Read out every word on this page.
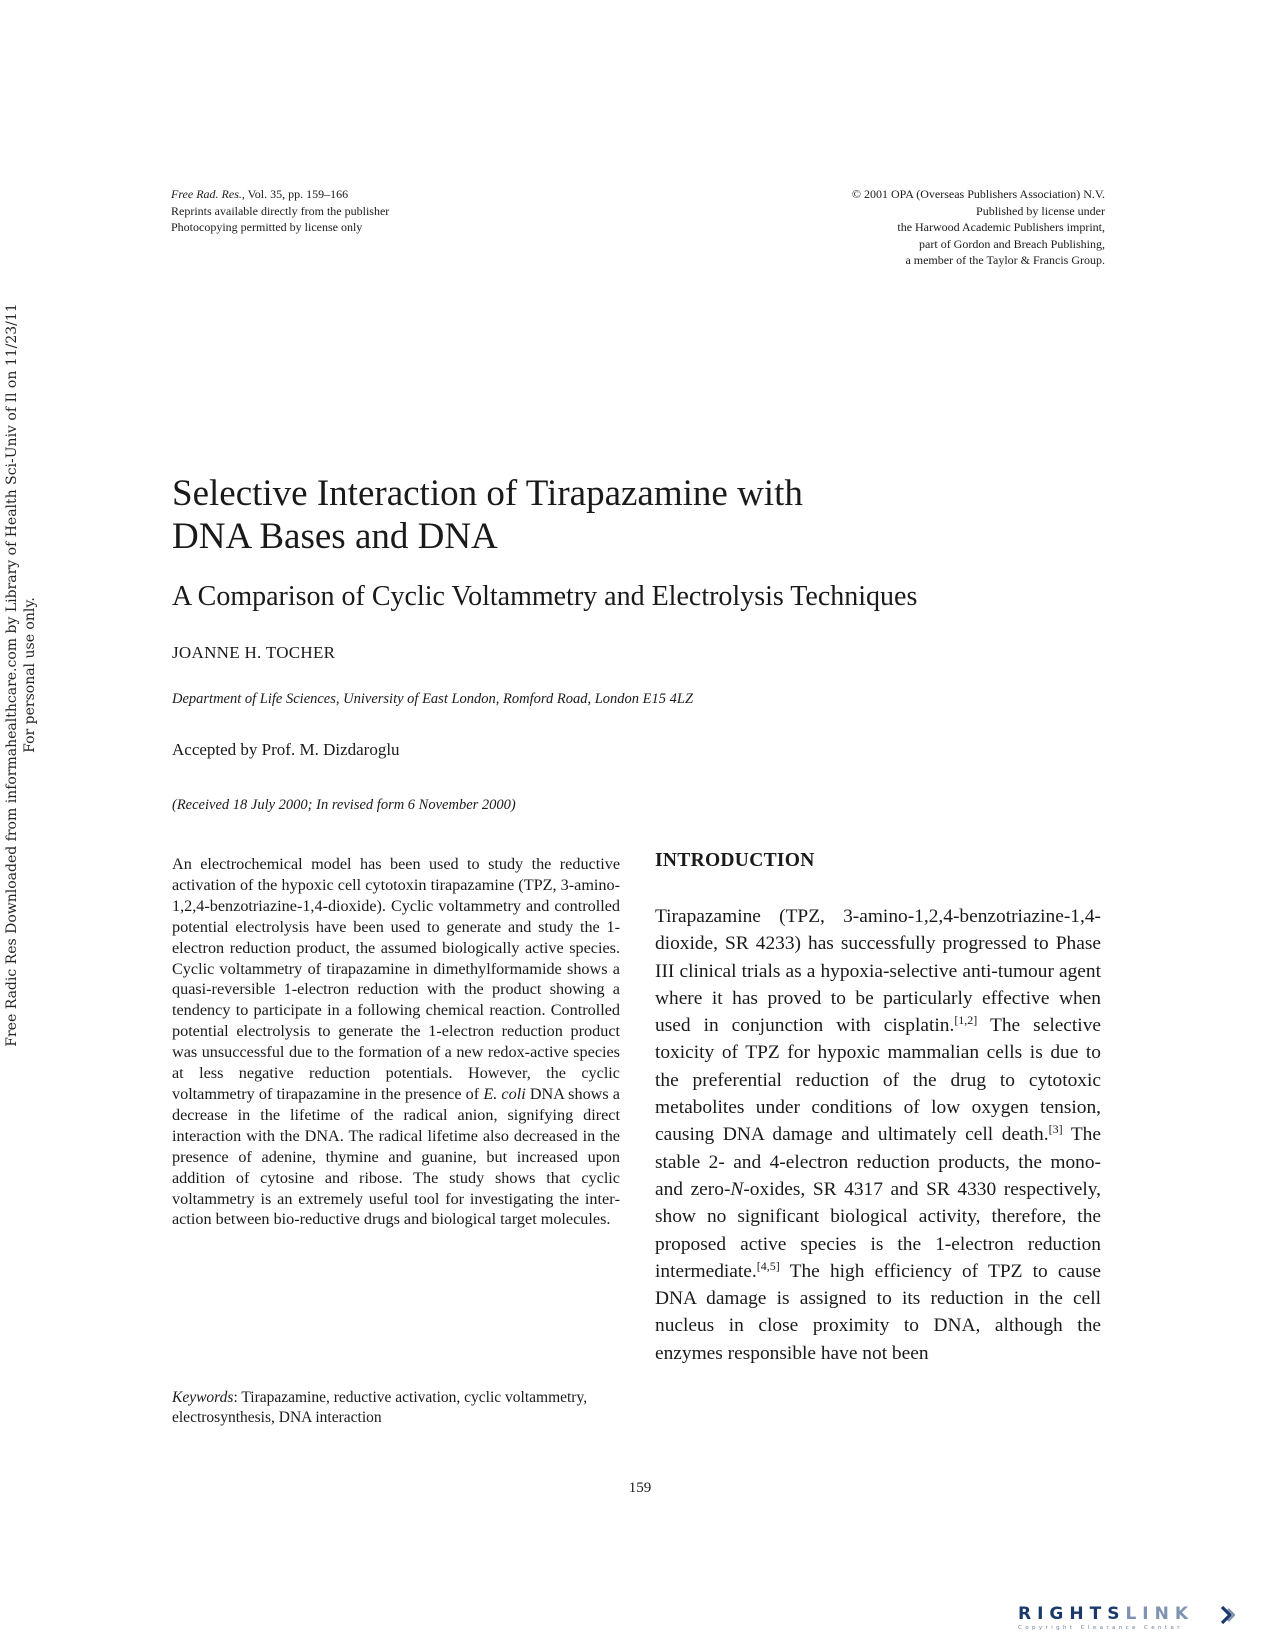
Free Rad. Res., Vol. 35, pp. 159–166
Reprints available directly from the publisher
Photocopying permitted by license only
© 2001 OPA (Overseas Publishers Association) N.V.
Published by license under
the Harwood Academic Publishers imprint,
part of Gordon and Breach Publishing,
a member of the Taylor & Francis Group.
Selective Interaction of Tirapazamine with
DNA Bases and DNA
A Comparison of Cyclic Voltammetry and Electrolysis Techniques
JOANNE H. TOCHER
Department of Life Sciences, University of East London, Romford Road, London E15 4LZ
Accepted by Prof. M. Dizdaroglu
(Received 18 July 2000; In revised form 6 November 2000)

An electrochemical model has been used to study the reductive activation of the hypoxic cell cytotoxin tirapazamine (TPZ, 3-amino-1,2,4-benzotriazine-1,4-dioxide). Cyclic voltammetry and controlled potential electrolysis have been used to generate and study the 1-electron reduction product, the assumed biologically active species. Cyclic voltammetry of tirapazamine in dimethylformamide shows a quasi-reversible 1-electron reduction with the product showing a tendency to participate in a following chemical reaction. Controlled potential electrolysis to generate the 1-electron reduction product was unsuccessful due to the formation of a new redox-active species at less negative reduction potentials. However, the cyclic voltammetry of tirapazamine in the presence of E. coli DNA shows a decrease in the lifetime of the radical anion, signifying direct interaction with the DNA. The radical lifetime also decreased in the presence of adenine, thymine and guanine, but increased upon addition of cytosine and ribose. The study shows that cyclic voltammetry is an extremely useful tool for investigating the interaction between bio-reductive drugs and biological target molecules.

Keywords: Tirapazamine, reductive activation, cyclic voltammetry, electrosynthesis, DNA interaction
INTRODUCTION

Tirapazamine (TPZ, 3-amino-1,2,4-benzotriazine-1,4-dioxide, SR 4233) has successfully progressed to Phase III clinical trials as a hypoxia-selective anti-tumour agent where it has proved to be particularly effective when used in conjunction with cisplatin.[1,2] The selective toxicity of TPZ for hypoxic mammalian cells is due to the preferential reduction of the drug to cytotoxic metabolites under conditions of low oxygen tension, causing DNA damage and ultimately cell death.[3] The stable 2- and 4-electron reduction products, the mono- and zero-N-oxides, SR 4317 and SR 4330 respectively, show no significant biological activity, therefore, the proposed active species is the 1-electron reduction intermediate.[4,5] The high efficiency of TPZ to cause DNA damage is assigned to its reduction in the cell nucleus in close proximity to DNA, although the enzymes responsible have not been

159
Free Radic Res Downloaded from informahealthcare.com by Library of Health Sci-Univ of Il on 11/23/11 For personal use only.
RIGHTSLINK
Copyright Clearance Center
